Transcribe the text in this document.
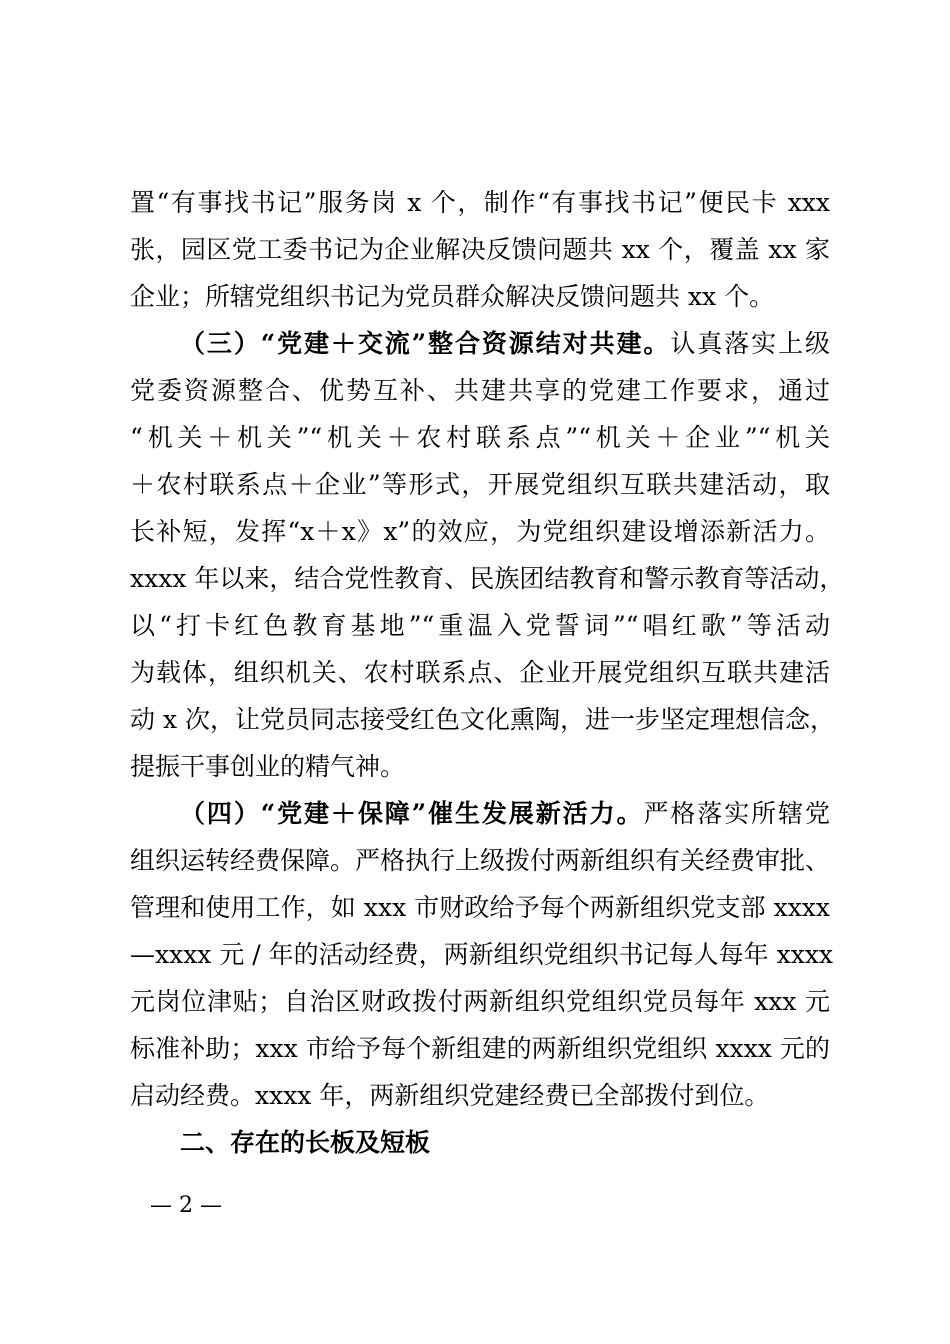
置“有事找书记”服务岗 x 个，制作“有事找书记”便民卡 xxx
张，园区党工委书记为企业解决反馈问题共 xx 个，覆盖 xx 家
企业；所辖党组织书记为党员群众解决反馈问题共 xx 个。
（三）“党建＋交流”整合资源结对共建。认真落实上级
党委资源整合、优势互补、共建共享的党建工作要求，通过
“机关＋机关”“机关＋农村联系点”“机关＋企业”“机关
＋农村联系点＋企业”等形式，开展党组织互联共建活动，取
长补短，发挥“x＋x》x”的效应，为党组织建设增添新活力。
xxxx 年以来，结合党性教育、民族团结教育和警示教育等活动，
以“打卡红色教育基地”“重温入党誓词”“唱红歌”等活动
为载体，组织机关、农村联系点、企业开展党组织互联共建活
动 x 次，让党员同志接受红色文化熏陶，进一步坚定理想信念，
提振干事创业的精气神。
（四）“党建＋保障”催生发展新活力。严格落实所辖党
组织运转经费保障。严格执行上级拨付两新组织有关经费审批、
管理和使用工作，如 xxx 市财政给予每个两新组织党支部 xxxx
—xxxx 元 / 年的活动经费，两新组织党组织书记每人每年 xxxx
元岗位津贴；自治区财政拨付两新组织党组织党员每年 xxx 元
标准补助；xxx 市给予每个新组建的两新组织党组织 xxxx 元的
启动经费。xxxx 年，两新组织党建经费已全部拨付到位。
二、存在的长板及短板
— 2 —
